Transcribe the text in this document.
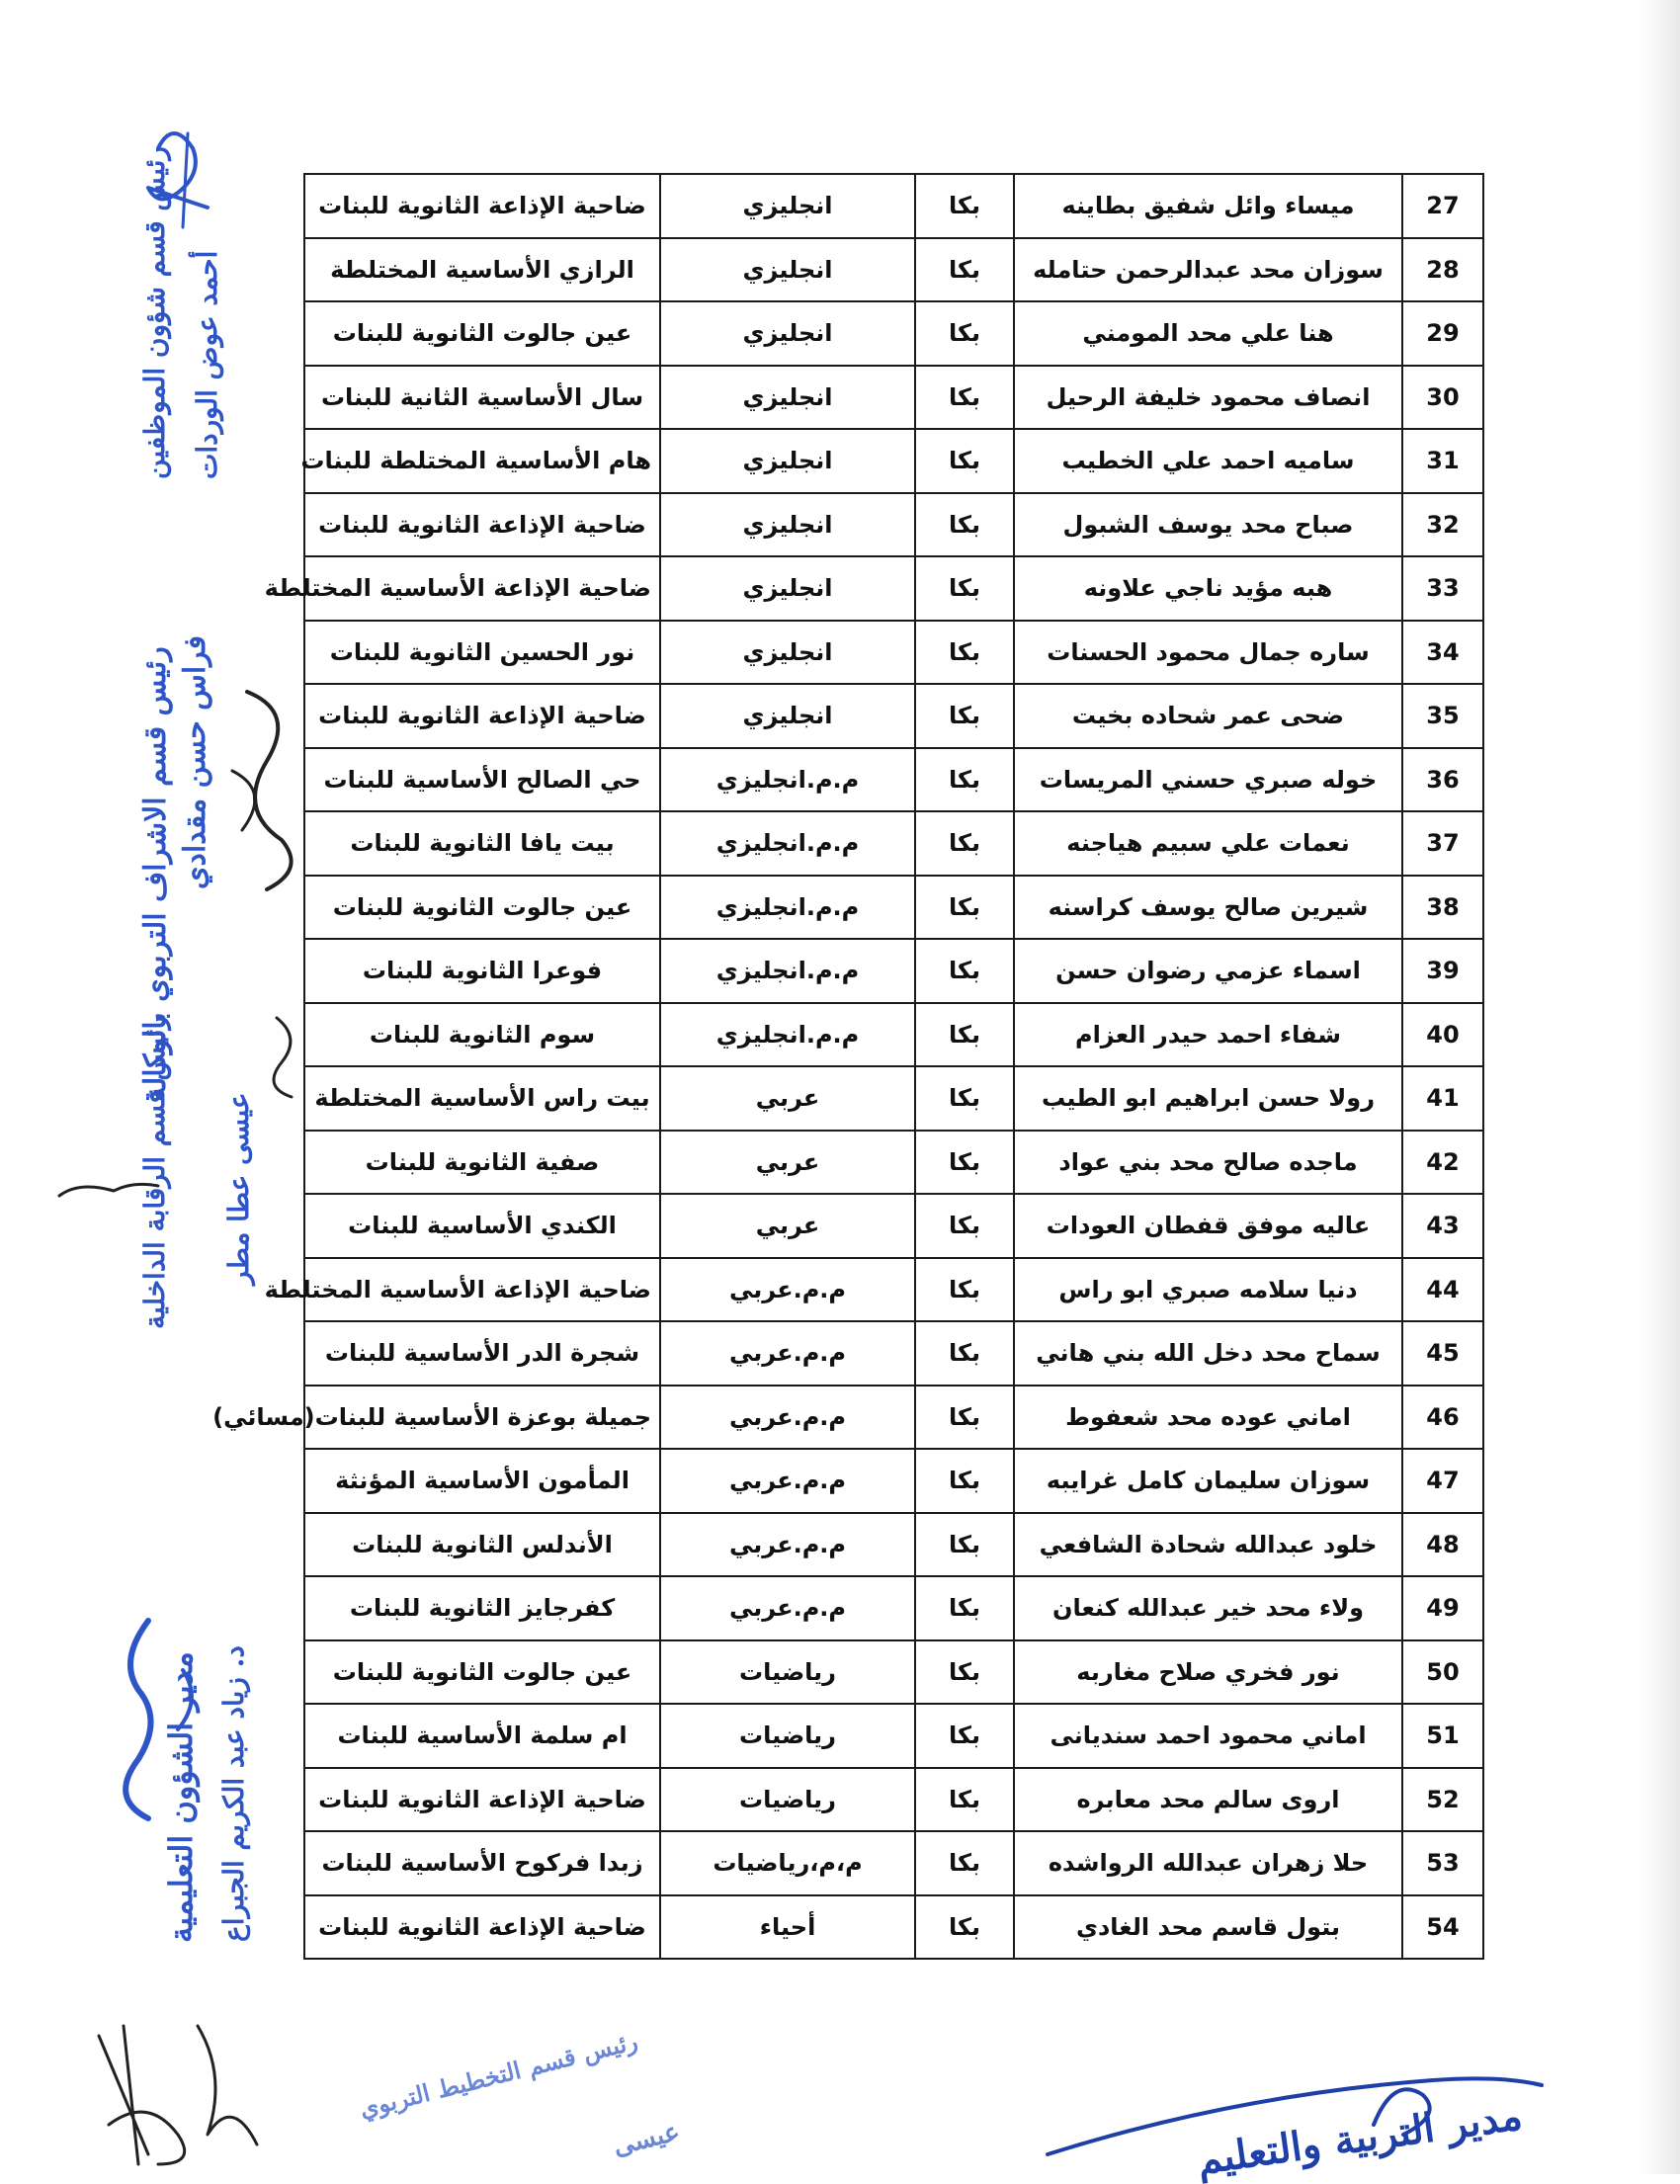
27	ميساء وائل شفيق بطاينه	بكا	انجليزي	ضاحية الإذاعة الثانوية للبنات
28	سوزان محد عبدالرحمن حتامله	بكا	انجليزي	الرازي الأساسية المختلطة
29	هنا علي محد المومني	بكا	انجليزي	عين جالوت الثانوية للبنات
30	انصاف محمود خليفة الرحيل	بكا	انجليزي	سال الأساسية الثانية للبنات
31	ساميه احمد علي الخطيب	بكا	انجليزي	هام الأساسية المختلطة للبنات
32	صباح محد يوسف الشبول	بكا	انجليزي	ضاحية الإذاعة الثانوية للبنات
33	هبه مؤيد ناجي علاونه	بكا	انجليزي	ضاحية الإذاعة الأساسية المختلطة
34	ساره جمال محمود الحسنات	بكا	انجليزي	نور الحسين الثانوية للبنات
35	ضحى عمر شحاده بخيت	بكا	انجليزي	ضاحية الإذاعة الثانوية للبنات
36	خوله صبري حسني المريسات	بكا	م.م.انجليزي	حي الصالح الأساسية للبنات
37	نعمات علي سبيم هياجنه	بكا	م.م.انجليزي	بيت يافا الثانوية للبنات
38	شيرين صالح يوسف كراسنه	بكا	م.م.انجليزي	عين جالوت الثانوية للبنات
39	اسماء عزمي رضوان حسن	بكا	م.م.انجليزي	فوعرا الثانوية للبنات
40	شفاء احمد حيدر العزام	بكا	م.م.انجليزي	سوم الثانوية للبنات
41	رولا حسن ابراهيم ابو الطيب	بكا	عربي	بيت راس الأساسية المختلطة
42	ماجده صالح محد بني عواد	بكا	عربي	صفية الثانوية للبنات
43	عاليه موفق قفطان العودات	بكا	عربي	الكندي الأساسية للبنات
44	دنيا سلامه صبري ابو راس	بكا	م.م.عربي	ضاحية الإذاعة الأساسية المختلطة
45	سماح محد دخل الله بني هاني	بكا	م.م.عربي	شجرة الدر الأساسية للبنات
46	اماني عوده محد شعفوط	بكا	م.م.عربي	جميلة بوعزة الأساسية للبنات(مسائي)
47	سوزان سليمان كامل غرايبه	بكا	م.م.عربي	المأمون الأساسية المؤنثة
48	خلود عبدالله شحادة الشافعي	بكا	م.م.عربي	الأندلس الثانوية للبنات
49	ولاء محد خير عبدالله كنعان	بكا	م.م.عربي	كفرجايز الثانوية للبنات
50	نور فخري صلاح مغاربه	بكا	رياضيات	عين جالوت الثانوية للبنات
51	اماني محمود احمد سنديانى	بكا	رياضيات	ام سلمة الأساسية للبنات
52	اروى سالم محد معابره	بكا	رياضيات	ضاحية الإذاعة الثانوية للبنات
53	حلا زهران عبدالله الرواشده	بكا	م،م،رياضيات	زبدا فركوح الأساسية للبنات
54	بتول قاسم محد الغادي	بكا	أحياء	ضاحية الإذاعة الثانوية للبنات
رئيس قسم شؤون الموظفين أحمد عوض الوردات
رئيس قسم الاشراف التربوي بالوكالة فراس حسن مقدادي
رئيس قسم الرقابة الداخلية عيسى عطا مطر
مدير الشؤون التعليمية د. زياد عبد الكريم الجبراع
رئيس قسم التخطيط التربوي
عيسى	مدير التربية والتعليم
